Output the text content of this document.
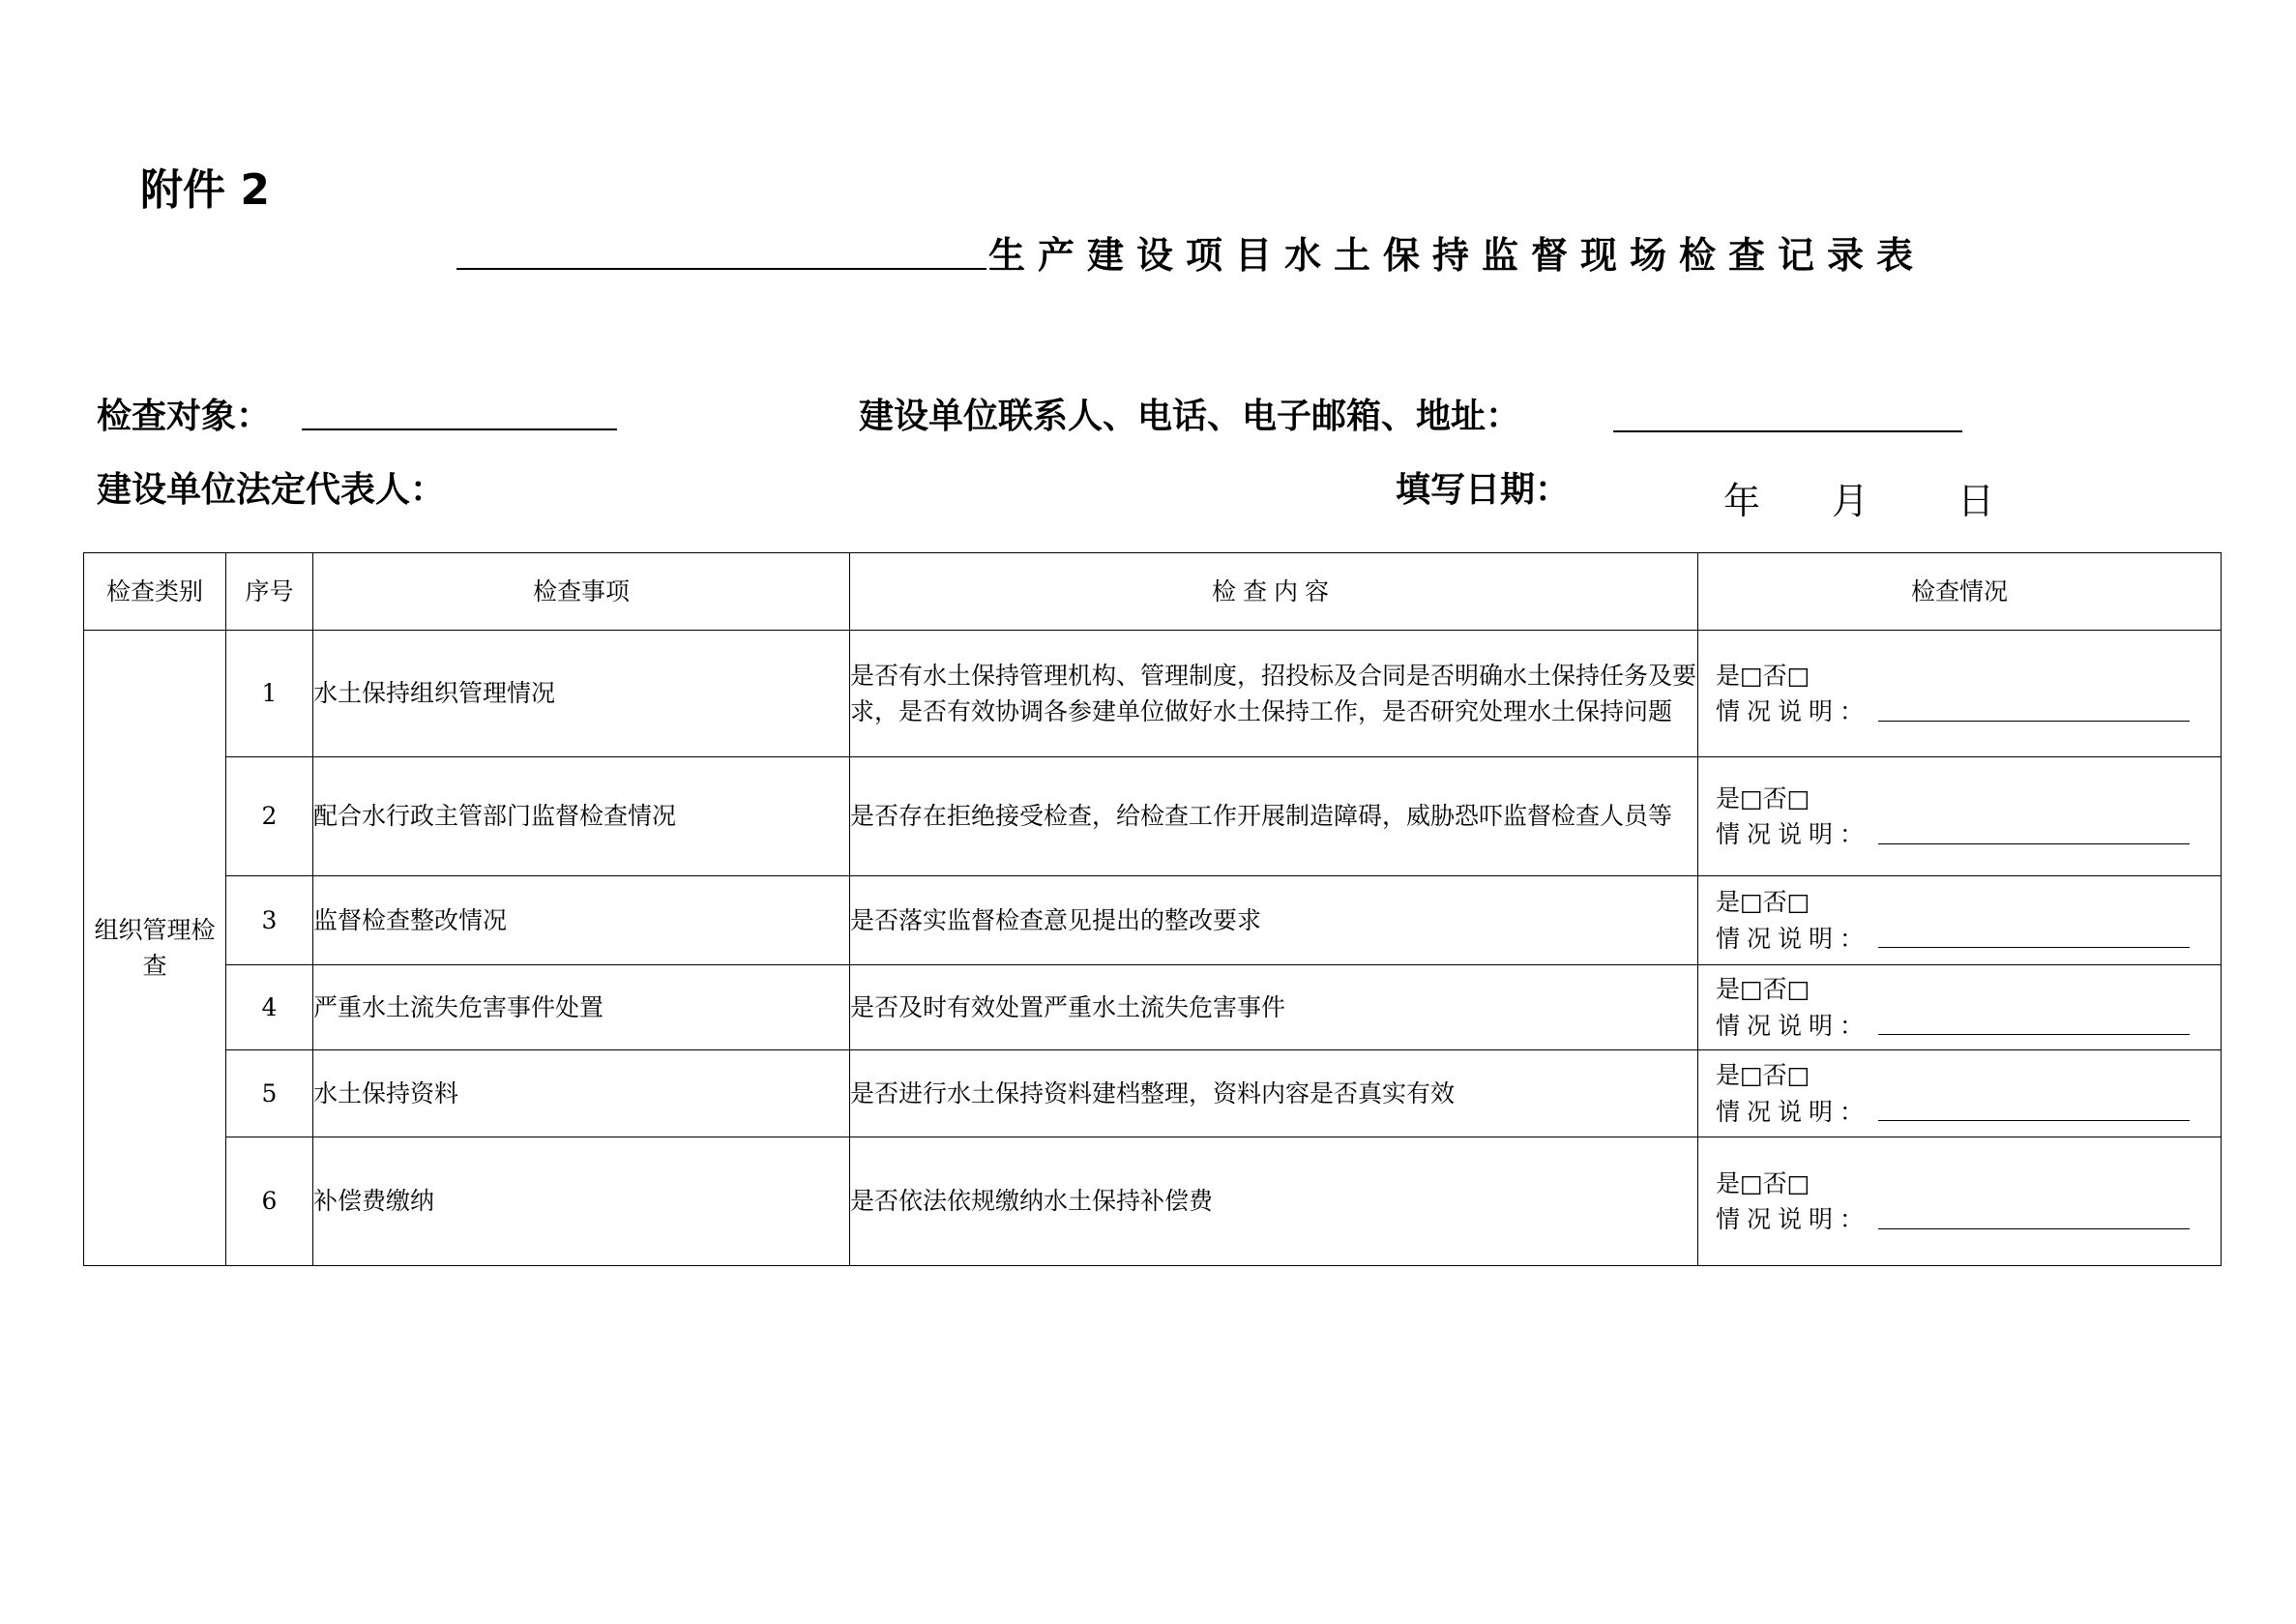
附件 2
生产建设项目水土保持监督现场检查记录表
检查对象：	建设单位联系人、电话、电子邮箱、地址：
建设单位法定代表人：	填写日期：	年 月 日
检查类别	序号	检查事项	检查内容	检查情况
组织管理检查	1	水土保持组织管理情况	是否有水土保持管理机构、管理制度，招投标及合同是否明确水土保持任务及要求，是否有效协调各参建单位做好水土保持工作，是否研究处理水土保持问题	是□否□
情况说明：

	2	配合水行政主管部门监督检查情况	是否存在拒绝接受检查，给检查工作开展制造障碍，威胁恐吓监督检查人员等	是□否□
情况说明：

	3	监督检查整改情况	是否落实监督检查意见提出的整改要求	是□否□
情况说明：

	4	严重水土流失危害事件处置	是否及时有效处置严重水土流失危害事件	是□否□
情况说明：

	5	水土保持资料	是否进行水土保持资料建档整理，资料内容是否真实有效	是□否□
情况说明：

	6	补偿费缴纳	是否依法依规缴纳水土保持补偿费	是□否□
情况说明：
